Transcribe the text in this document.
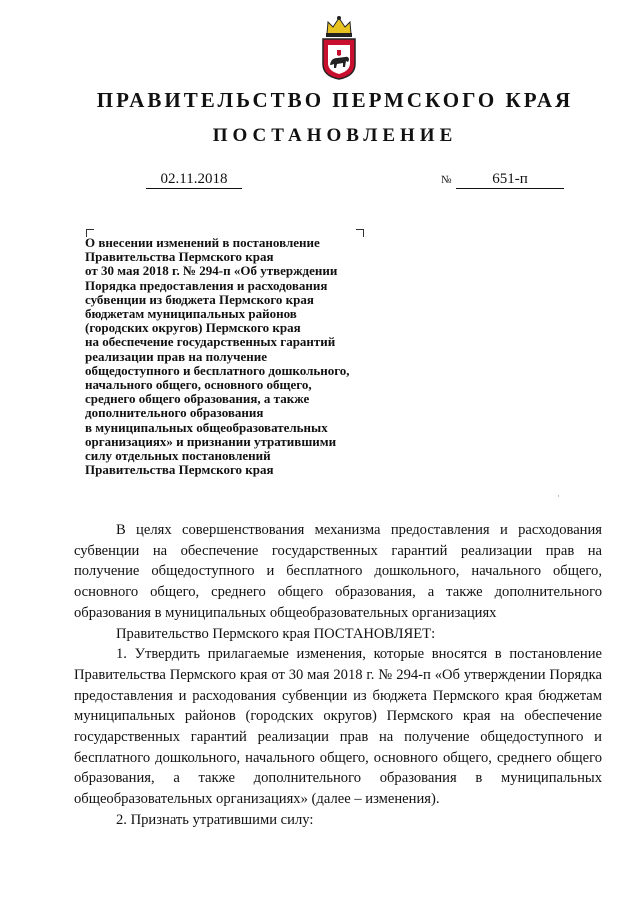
ПРАВИТЕЛЬСТВО ПЕРМСКОГО КРАЯ
ПОСТАНОВЛЕНИЕ
02.11.2018	№	651-п
О внесении изменений в постановление
Правительства Пермского края
от 30 мая 2018 г. № 294-п «Об утверждении
Порядка предоставления и расходования
субвенции из бюджета Пермского края
бюджетам муниципальных районов
(городских округов) Пермского края
на обеспечение государственных гарантий
реализации прав на получение
общедоступного и бесплатного дошкольного,
начального общего, основного общего,
среднего общего образования, а также
дополнительного образования
в муниципальных общеобразовательных
организациях» и признании утратившими
силу отдельных постановлений
Правительства Пермского края
·

В целях совершенствования механизма предоставления и расходования субвенции на обеспечение государственных гарантий реализации прав на получение общедоступного и бесплатного дошкольного, начального общего, основного общего, среднего общего образования, а также дополнительного образования в муниципальных общеобразовательных организациях

Правительство Пермского края ПОСТАНОВЛЯЕТ:

1. Утвердить прилагаемые изменения, которые вносятся в постановление Правительства Пермского края от 30 мая 2018 г. № 294-п «Об утверждении Порядка предоставления и расходования субвенции из бюджета Пермского края бюджетам муниципальных районов (городских округов) Пермского края на обеспечение государственных гарантий реализации прав на получение общедоступного и бесплатного дошкольного, начального общего, основного общего, среднего общего образования, а также дополнительного образования в муниципальных общеобразовательных организациях» (далее – изменения).

2. Признать утратившими силу:
